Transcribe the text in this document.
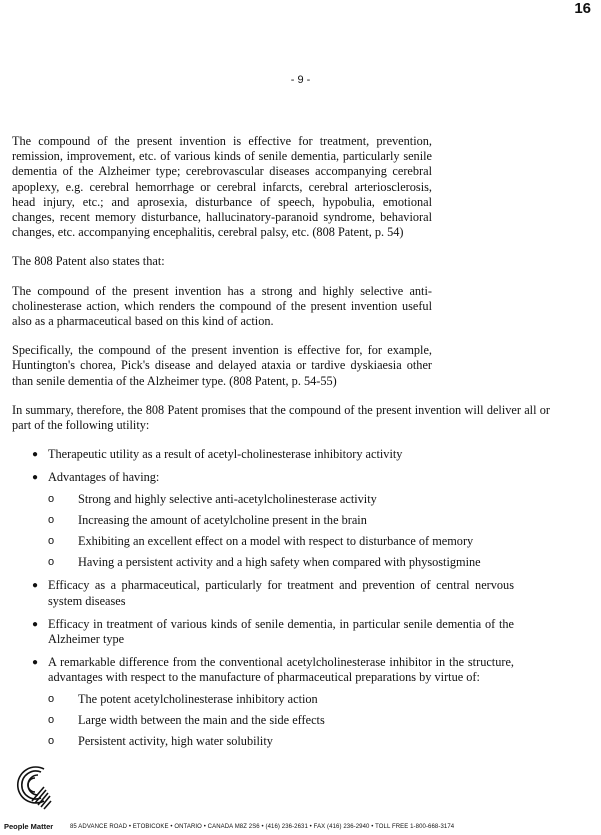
16
- 9 -

The compound of the present invention is effective for treatment, prevention, remission, improvement, etc. of various kinds of senile dementia, particularly senile dementia of the Alzheimer type; cerebrovascular diseases accompanying cerebral apoplexy, e.g. cerebral hemorrhage or cerebral infarcts, cerebral arteriosclerosis, head injury, etc.; and aprosexia, disturbance of speech, hypobulia, emotional changes, recent memory disturbance, hallucinatory-paranoid syndrome, behavioral changes, etc. accompanying encephalitis, cerebral palsy, etc. (808 Patent, p. 54)

The 808 Patent also states that:

The compound of the present invention has a strong and highly selective anti-cholinesterase action, which renders the compound of the present invention useful also as a pharmaceutical based on this kind of action.

Specifically, the compound of the present invention is effective for, for example, Huntington's chorea, Pick's disease and delayed ataxia or tardive dyskiaesia other than senile dementia of the Alzheimer type. (808 Patent, p. 54-55)

In summary, therefore, the 808 Patent promises that the compound of the present invention will deliver all or part of the following utility:

● Therapeutic utility as a result of acetyl-cholinesterase inhibitory activity
● Advantages of having:
o Strong and highly selective anti-acetylcholinesterase activity
o Increasing the amount of acetylcholine present in the brain
o Exhibiting an excellent effect on a model with respect to disturbance of memory
o Having a persistent activity and a high safety when compared with physostigmine
● Efficacy as a pharmaceutical, particularly for treatment and prevention of central nervous system diseases
● Efficacy in treatment of various kinds of senile dementia, in particular senile dementia of the Alzheimer type
● A remarkable difference from the conventional acetylcholinesterase inhibitor in the structure, advantages with respect to the manufacture of pharmaceutical preparations by virtue of:
o The potent acetylcholinesterase inhibitory action
o Large width between the main and the side effects
o Persistent activity, high water solubility
People Matter	85 ADVANCE ROAD • ETOBICOKE • ONTARIO • CANADA M8Z 2S6 • (416) 236-2631 • FAX (416) 236-2940 • TOLL FREE 1-800-668-3174
